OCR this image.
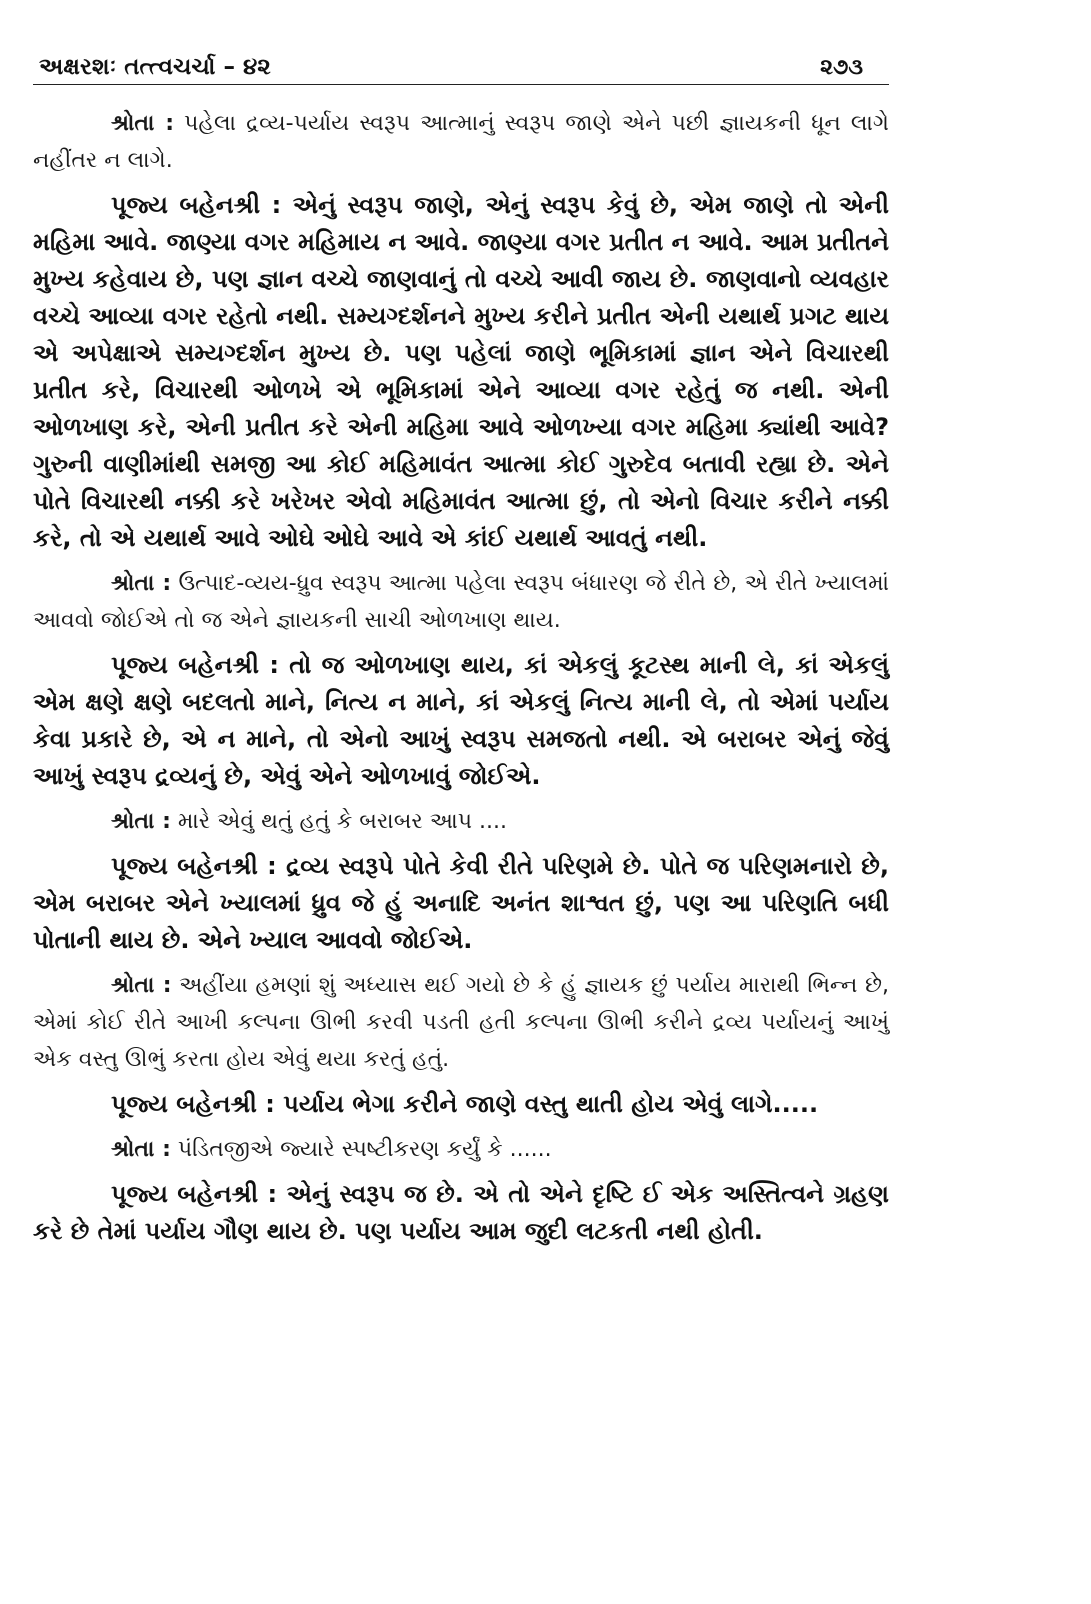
અક્ષરશઃ તત્ત્વચર્ચા – ૪૨	૨૭૩

શ્રોતા : પહેલા દ્રવ્ય-પર્યાય સ્વરૂપ આત્માનું સ્વરૂપ જાણે એને પછી જ્ઞાયકની ધૂન લાગે નહીંતર ન લાગે.

પૂજ્ય બહેનશ્રી : એનું સ્વરૂપ જાણે, એનું સ્વરૂપ કેવું છે, એમ જાણે તો એની મહિમા આવે. જાણ્યા વગર મહિમાય ન આવે. જાણ્યા વગર પ્રતીત ન આવે. આમ પ્રતીતને મુખ્ય કહેવાય છે, પણ જ્ઞાન વચ્ચે જાણવાનું તો વચ્ચે આવી જાય છે. જાણવાનો વ્યવહાર વચ્ચે આવ્યા વગર રહેતો નથી. સમ્યગ્દર્શનને મુખ્ય કરીને પ્રતીત એની યથાર્થ પ્રગટ થાય એ અપેક્ષાએ સમ્યગ્દર્શન મુખ્ય છે. પણ પહેલાં જાણે ભૂમિકામાં જ્ઞાન એને વિચારથી પ્રતીત કરે, વિચારથી ઓળખે એ ભૂમિકામાં એને આવ્યા વગર રહેતું જ નથી. એની ઓળખાણ કરે, એની પ્રતીત કરે એની મહિમા આવે ઓળખ્યા વગર મહિમા ક્યાંથી આવે? ગુરુની વાણીમાંથી સમજી આ કોઈ મહિમાવંત આત્મા કોઈ ગુરુદેવ બતાવી રહ્યા છે. એને પોતે વિચારથી નક્કી કરે ખરેખર એવો મહિમાવંત આત્મા છું, તો એનો વિચાર કરીને નક્કી કરે, તો એ યથાર્થ આવે ઓઘે ઓઘે આવે એ કાંઈ યથાર્થ આવતું નથી.

શ્રોતા : ઉત્પાદ-વ્યય-ધ્રુવ સ્વરૂપ આત્મા પહેલા સ્વરૂપ બંધારણ જે રીતે છે, એ રીતે ખ્યાલમાં આવવો જોઈએ તો જ એને જ્ઞાયકની સાચી ઓળખાણ થાય.

પૂજ્ય બહેનશ્રી : તો જ ઓળખાણ થાય, કાં એકલું કૂટસ્થ માની લે, કાં એકલું એમ ક્ષણે ક્ષણે બદલતો માને, નિત્ય ન માને, કાં એકલું નિત્ય માની લે, તો એમાં પર્યાય કેવા પ્રકારે છે, એ ન માને, તો એનો આખું સ્વરૂપ સમજતો નથી. એ બરાબર એનું જેવું આખું સ્વરૂપ દ્રવ્યનું છે, એવું એને ઓળખાવું જોઈએ.

શ્રોતા : મારે એવું થતું હતું કે બરાબર આપ ....

પૂજ્ય બહેનશ્રી : દ્રવ્ય સ્વરૂપે પોતે કેવી રીતે પરિણમે છે. પોતે જ પરિણમનારો છે, એમ બરાબર એને ખ્યાલમાં ધ્રુવ જે હું અનાદિ અનંત શાશ્વત છું, પણ આ પરિણતિ બધી પોતાની થાય છે. એને ખ્યાલ આવવો જોઈએ.

શ્રોતા : અહીંયા હમણાં શું અધ્યાસ થઈ ગયો છે કે હું જ્ઞાયક છું પર્યાય મારાથી ભિન્ન છે, એમાં કોઈ રીતે આખી કલ્પના ઊભી કરવી પડતી હતી કલ્પના ઊભી કરીને દ્રવ્ય પર્યાયનું આખું એક વસ્તુ ઊભું કરતા હોય એવું થયા કરતું હતું.

પૂજ્ય બહેનશ્રી : પર્યાય ભેગા કરીને જાણે વસ્તુ થાતી હોય એવું લાગે.....

શ્રોતા : પંડિતજીએ જ્યારે સ્પષ્ટીકરણ કર્યું કે ......

પૂજ્ય બહેનશ્રી : એનું સ્વરૂપ જ છે. એ તો એને દૃષ્ટિ ઈ એક અસ્તિત્વને ગ્રહણ કરે છે તેમાં પર્યાય ગૌણ થાય છે. પણ પર્યાય આમ જુદી લટકતી નથી હોતી.
